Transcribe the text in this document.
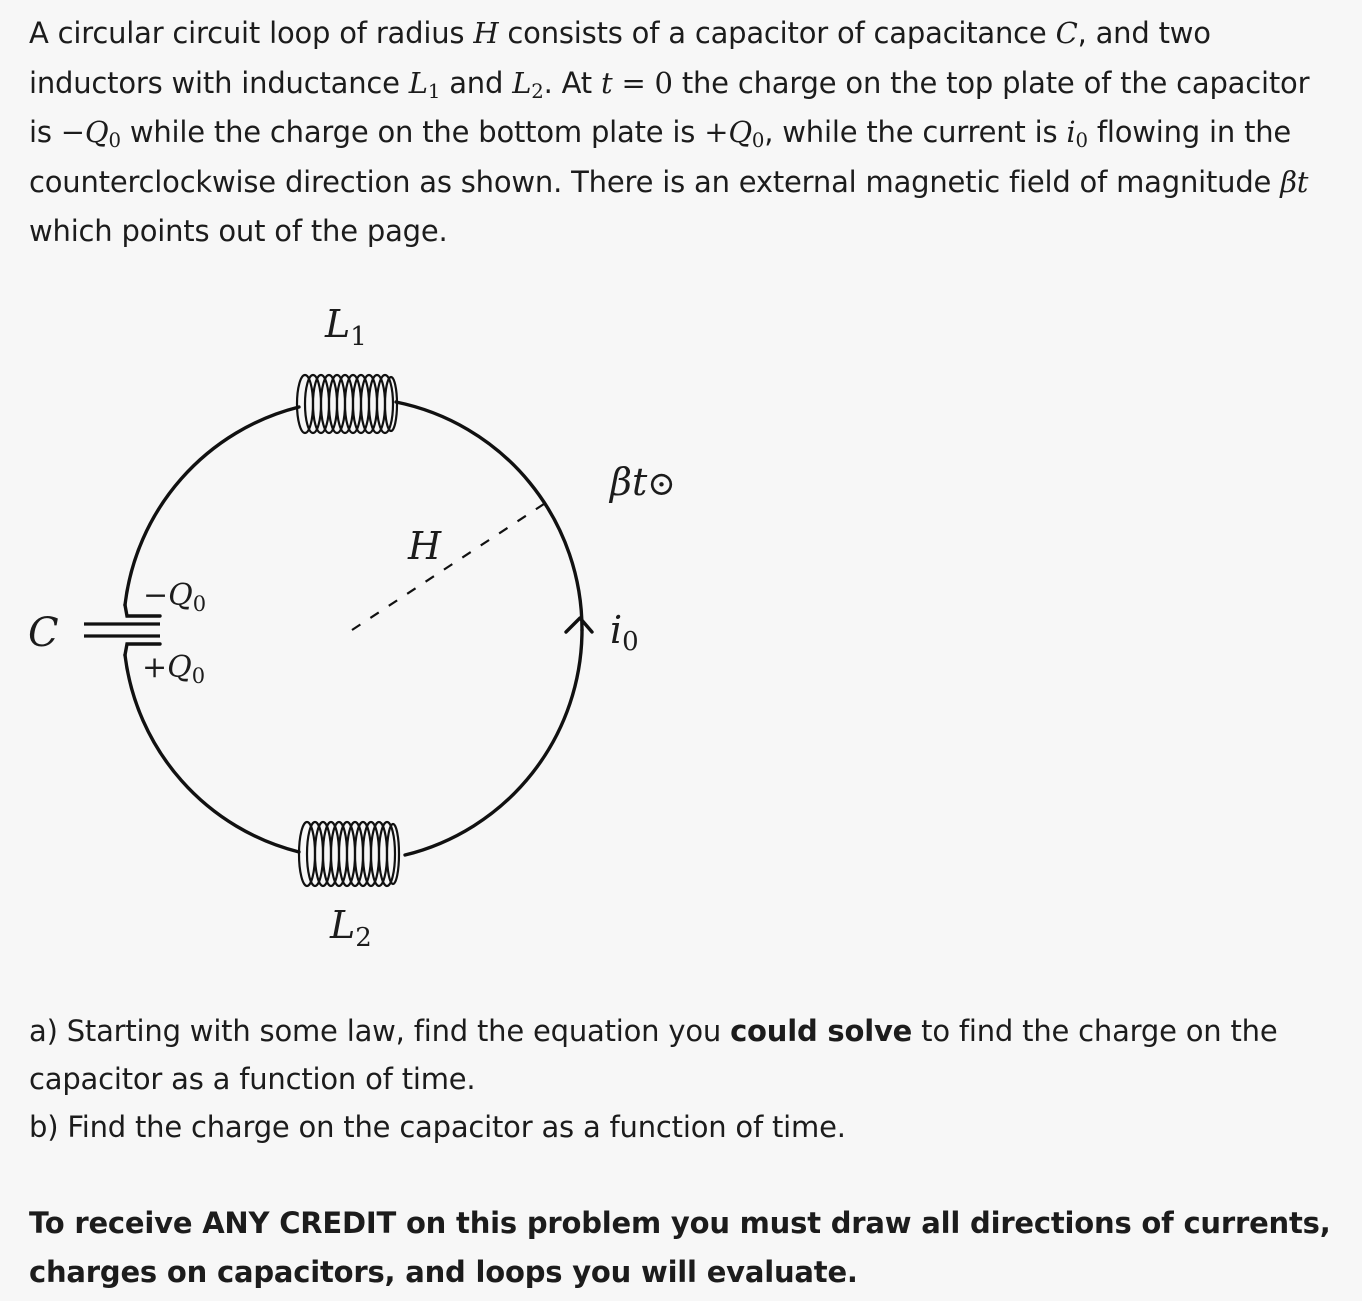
A circular circuit loop of radius H consists of a capacitor of capacitance C, and two inductors with inductance $L_1$ and $L_2$. At t = 0 the charge on the top plate of the capacitor is $-Q_0$ while the charge on the bottom plate is $+Q_0$, while the current is $i_0$ flowing in the counterclockwise direction as shown. There is an external magnetic field of magnitude βt which points out of the page.
$L_1$
βt⊙
H
$-Q_0$
C	i0
$+Q_0$
$L_2$

a) Starting with some law, find the equation you could solve to find the charge on the capacitor as a function of time.

b) Find the charge on the capacitor as a function of time.

To receive ANY CREDIT on this problem you must draw all directions of currents, charges on capacitors, and loops you will evaluate.
